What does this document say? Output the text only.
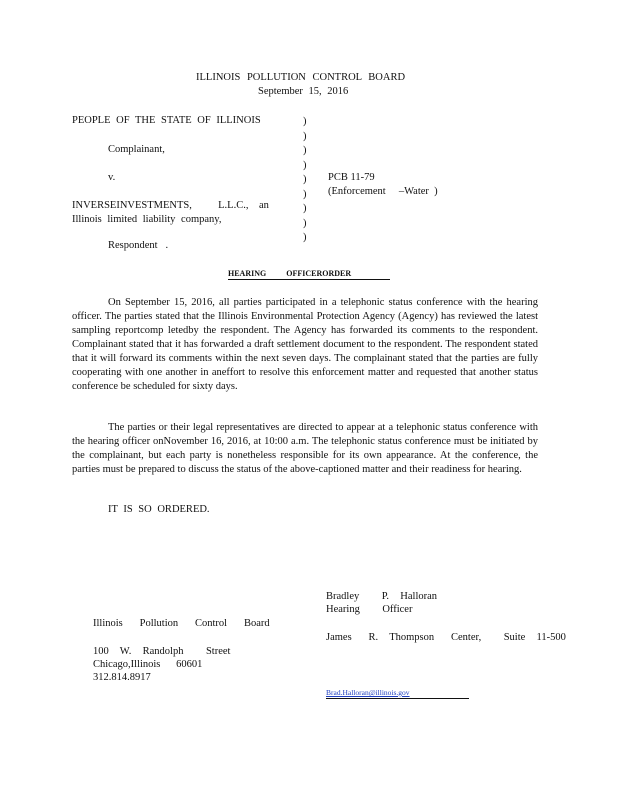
ILLINOIS POLLUTION CONTROL BOARD
September 15, 2016
PEOPLE OF THE STATE OF ILLINOIS
Complainant,
v.	PCB 11-79
(Enforcement     –Water  )
INVERSEINVESTMENTS,          L.L.C.,    an
Illinois limited liability company,
Respondent   .
)
)
)
)
)
)
)
)
)
HEARING          OFFICERORDER
On September 15, 2016, all parties participated in a telephonic status conference with the hearing officer. The parties stated that the Illinois Environmental Protection Agency (Agency) has reviewed the latest sampling reportcomp letedby the respondent. The Agency has forwarded its comments to the respondent. Complainant stated that it has forwarded a draft settlement document to the respondent. The respondent stated that it will forward its comments within the next seven days. The complainant stated that the parties are fully cooperating with one another in aneffort to resolve this enforcement matter and requested that another status conference be scheduled for sixty days.
The parties or their legal representatives are directed to appear at a telephonic status conference with the hearing officer onNovember 16, 2016, at 10:00 a.m. The telephonic status conference must be initiated by the complainant, but each party is nonetheless responsible for its own appearance. At the conference, the parties must be prepared to discuss the status of the above-captioned matter and their readiness for hearing.
IT IS SO ORDERED.
Bradley    P.  Halloran
Hearing    Officer
Illinois   Pollution   Control   Board
James   R.  Thompson   Center,    Suite  11-500
100  W.  Randolph    Street
Chicago,Illinois      60601
312.814.8917
Brad.Halloran@illinois.gov
